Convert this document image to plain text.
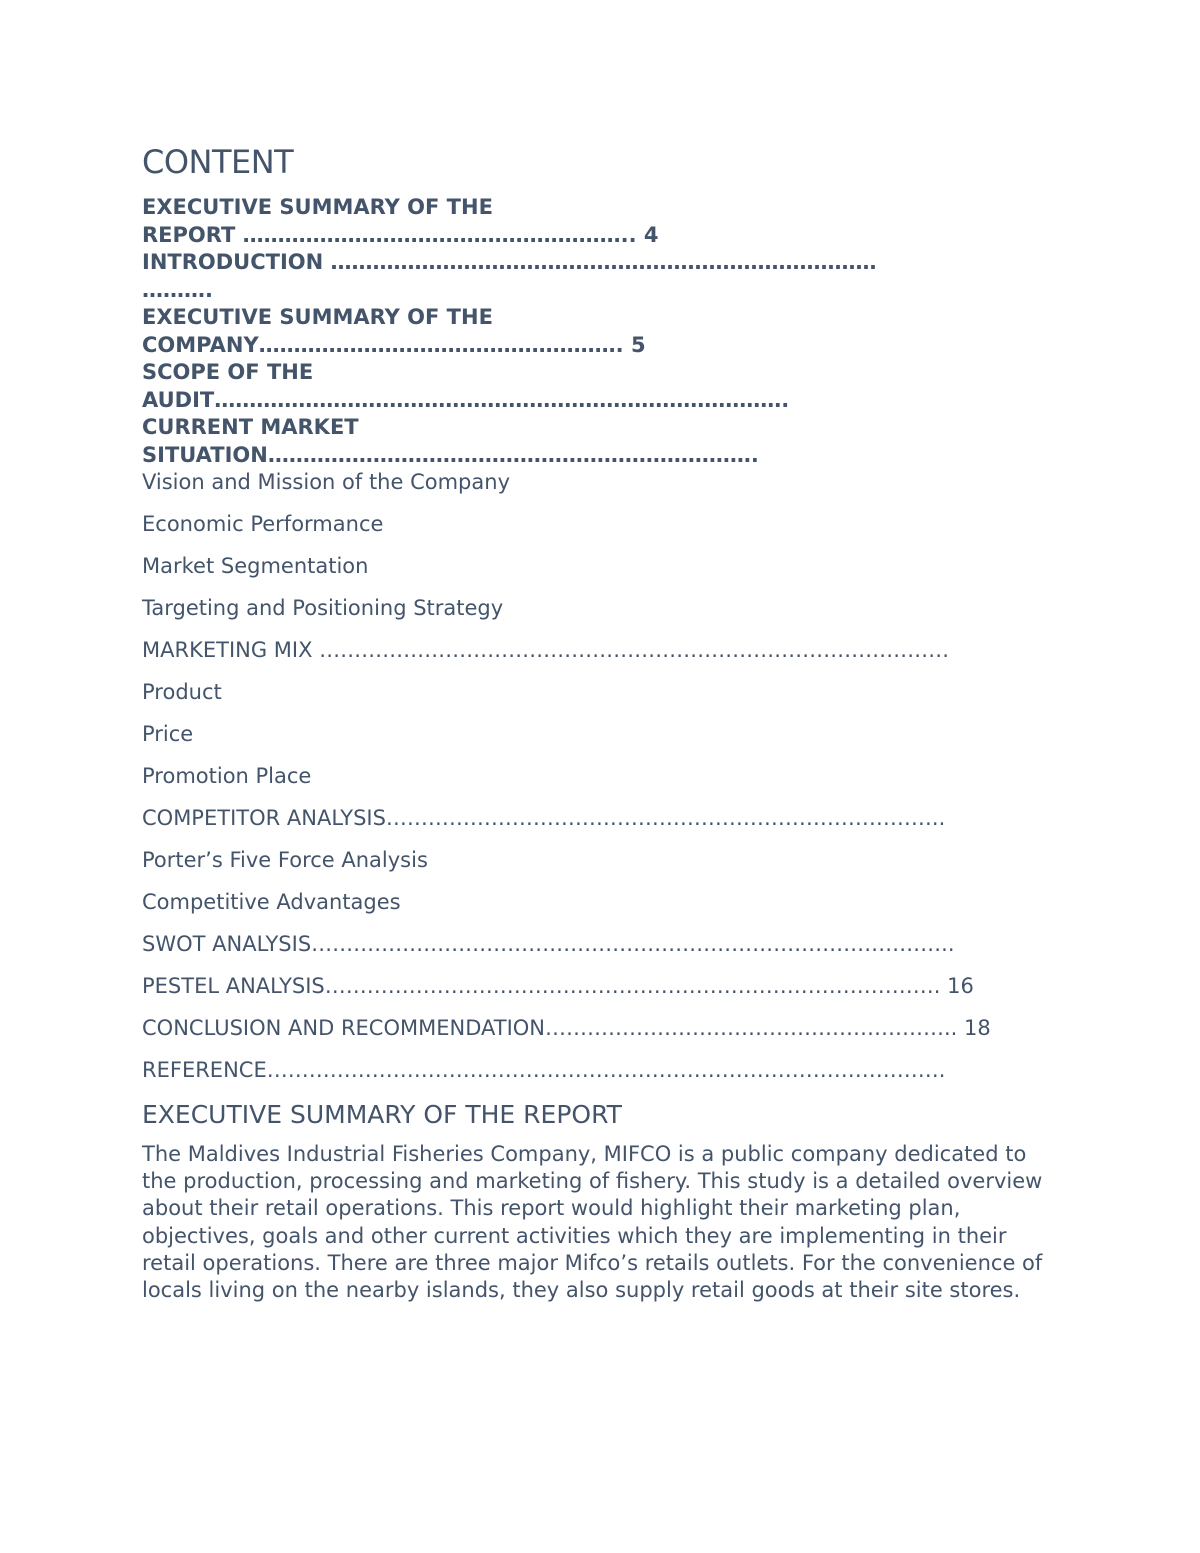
CONTENT

EXECUTIVE SUMMARY OF THE
REPORT ……………………………………………….. 4

INTRODUCTION ……………………………………………………………………
……….

EXECUTIVE SUMMARY OF THE
COMPANY……………………………………………. 5

SCOPE OF THE
AUDIT……………………………………………………………………….

CURRENT MARKET
SITUATION…………………………………………………………….

Vision and Mission of the Company

Economic Performance

Market Segmentation

Targeting and Positioning Strategy

MARKETING MIX ………………………………………………………………………………

Product

Price

Promotion Place

COMPETITOR ANALYSIS……………………………………………………………………..

Porter’s Five Force Analysis

Competitive Advantages

SWOT ANALYSIS………………………………………………………………………………..

PESTEL ANALYSIS……………………………………………………………………………. 16

CONCLUSION AND RECOMMENDATION………………………………………………….. 18

REFERENCE…………………………………………………………………………………….

EXECUTIVE SUMMARY OF THE REPORT

The Maldives Industrial Fisheries Company, MIFCO is a public company dedicated to the production, processing and marketing of fishery. This study is a detailed overview about their retail operations. This report would highlight their marketing plan, objectives, goals and other current activities which they are implementing in their retail operations. There are three major Mifco’s retails outlets. For the convenience of locals living on the nearby islands, they also supply retail goods at their site stores.
